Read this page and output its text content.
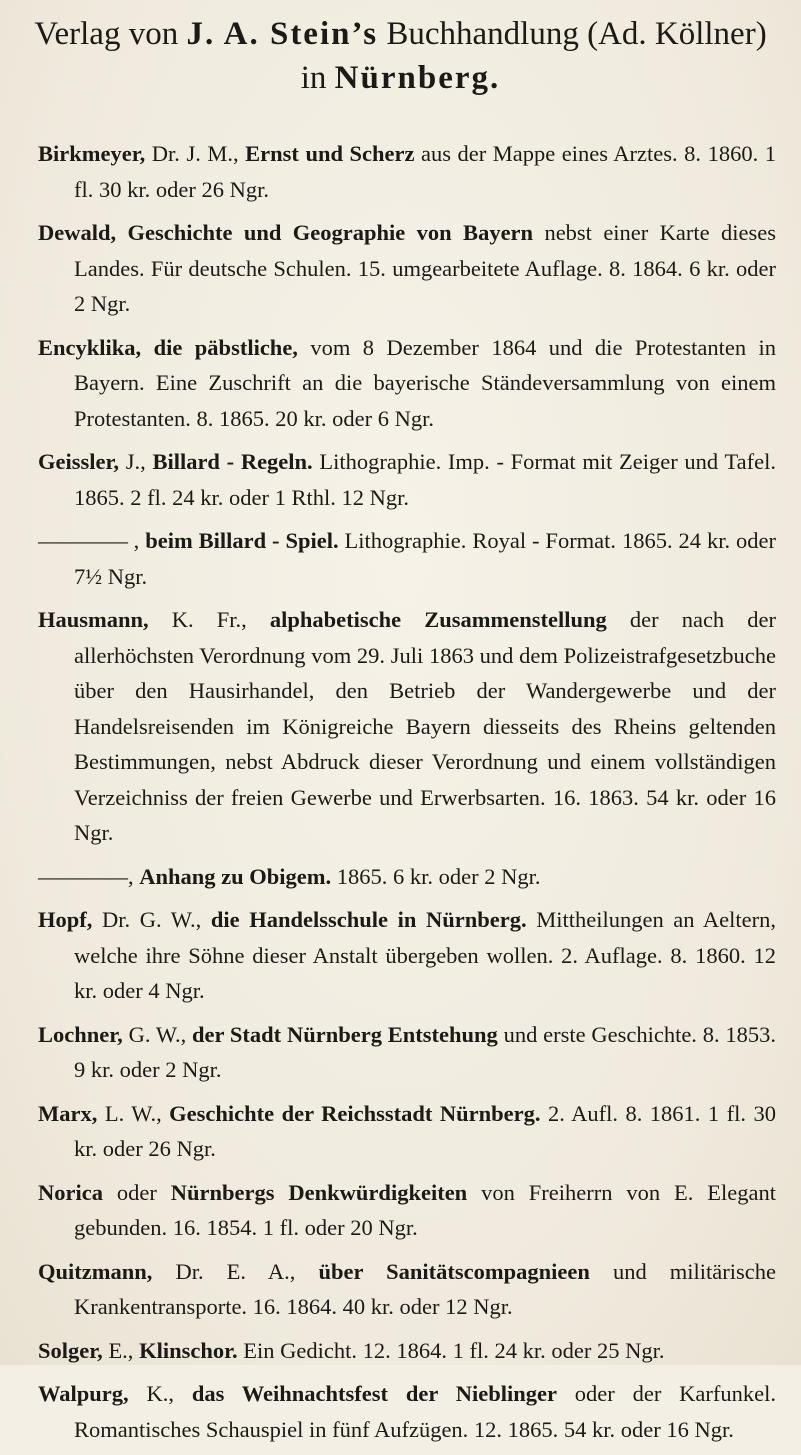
Verlag von J. A. Stein’s Buchhandlung (Ad. Köllner)
in Nürnberg.
Birkmeyer, Dr. J. M., Ernst und Scherz aus der Mappe eines Arztes. 8. 1860. 1 fl. 30 kr. oder 26 Ngr.
Dewald, Geschichte und Geographie von Bayern nebst einer Karte dieses Landes. Für deutsche Schulen. 15. umgearbeitete Auflage. 8. 1864. 6 kr. oder 2 Ngr.
Encyklika, die päbstliche, vom 8 Dezember 1864 und die Protestanten in Bayern. Eine Zuschrift an die bayerische Ständeversammlung von einem Protestanten. 8. 1865. 20 kr. oder 6 Ngr.
Geissler, J., Billard - Regeln. Lithographie. Imp. - Format mit Zeiger und Tafel. 1865. 2 fl. 24 kr. oder 1 Rthl. 12 Ngr.
———— , beim Billard - Spiel. Lithographie. Royal - Format. 1865. 24 kr. oder 7½ Ngr.
Hausmann, K. Fr., alphabetische Zusammenstellung der nach der allerhöchsten Verordnung vom 29. Juli 1863 und dem Polizeistrafgesetzbuche über den Hausirhandel, den Betrieb der Wandergewerbe und der Handelsreisenden im Königreiche Bayern diesseits des Rheins geltenden Bestimmungen, nebst Abdruck dieser Verordnung und einem vollständigen Verzeichniss der freien Gewerbe und Erwerbsarten. 16. 1863. 54 kr. oder 16 Ngr.
————, Anhang zu Obigem. 1865. 6 kr. oder 2 Ngr.
Hopf, Dr. G. W., die Handelsschule in Nürnberg. Mittheilungen an Aeltern, welche ihre Söhne dieser Anstalt übergeben wollen. 2. Auflage. 8. 1860. 12 kr. oder 4 Ngr.
Lochner, G. W., der Stadt Nürnberg Entstehung und erste Geschichte. 8. 1853. 9 kr. oder 2 Ngr.
Marx, L. W., Geschichte der Reichsstadt Nürnberg. 2. Aufl. 8. 1861. 1 fl. 30 kr. oder 26 Ngr.
Norica oder Nürnbergs Denkwürdigkeiten von Freiherrn von E. Elegant gebunden. 16. 1854. 1 fl. oder 20 Ngr.
Quitzmann, Dr. E. A., über Sanitätscompagnieen und militärische Krankentransporte. 16. 1864. 40 kr. oder 12 Ngr.
Solger, E., Klinschor. Ein Gedicht. 12. 1864. 1 fl. 24 kr. oder 25 Ngr.
Walpurg, K., das Weihnachtsfest der Nieblinger oder der Karfunkel. Romantisches Schauspiel in fünf Aufzügen. 12. 1865. 54 kr. oder 16 Ngr.
